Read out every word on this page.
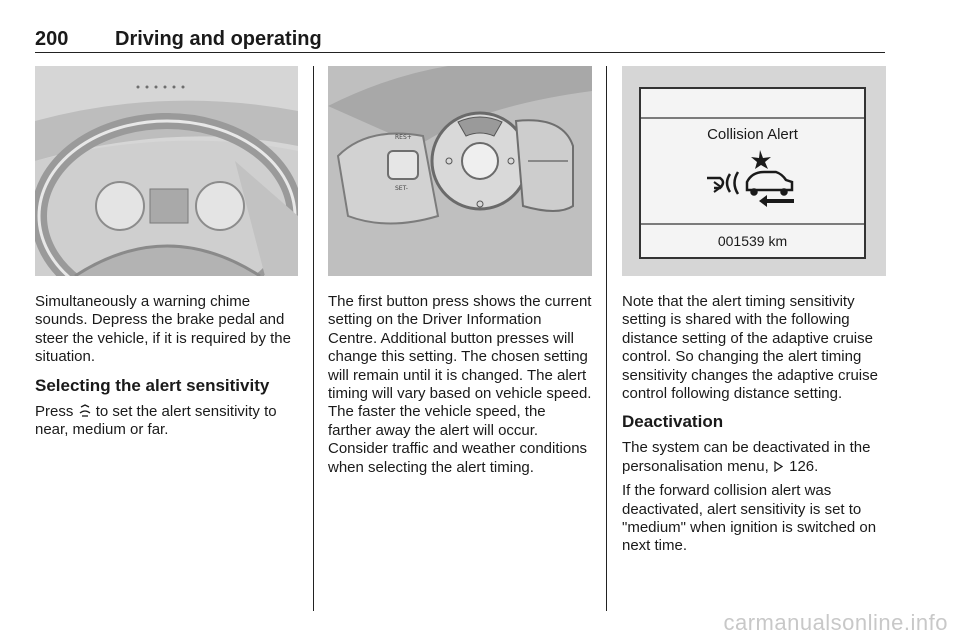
200 Driving and operating

Simultaneously a warning chime sounds. Depress the brake pedal and steer the vehicle, if it is required by the situation.

Selecting the alert sensitivity

Press to set the alert sensitivity to near, medium or far.

RES+
SET-

The first button press shows the current setting on the Driver Information Centre. Additional button presses will change this setting. The chosen setting will remain until it is changed. The alert timing will vary based on vehicle speed. The faster the vehicle speed, the farther away the alert will occur. Consider traffic and weather conditions when selecting the alert timing.

Collision Alert
001539 km

Note that the alert timing sensitivity setting is shared with the following distance setting of the adaptive cruise control. So changing the alert timing sensitivity changes the adaptive cruise control following distance setting.

Deactivation

The system can be deactivated in the personalisation menu, 126.

If the forward collision alert was deactivated, alert sensitivity is set to "medium" when ignition is switched on next time.

carmanualsonline.info
